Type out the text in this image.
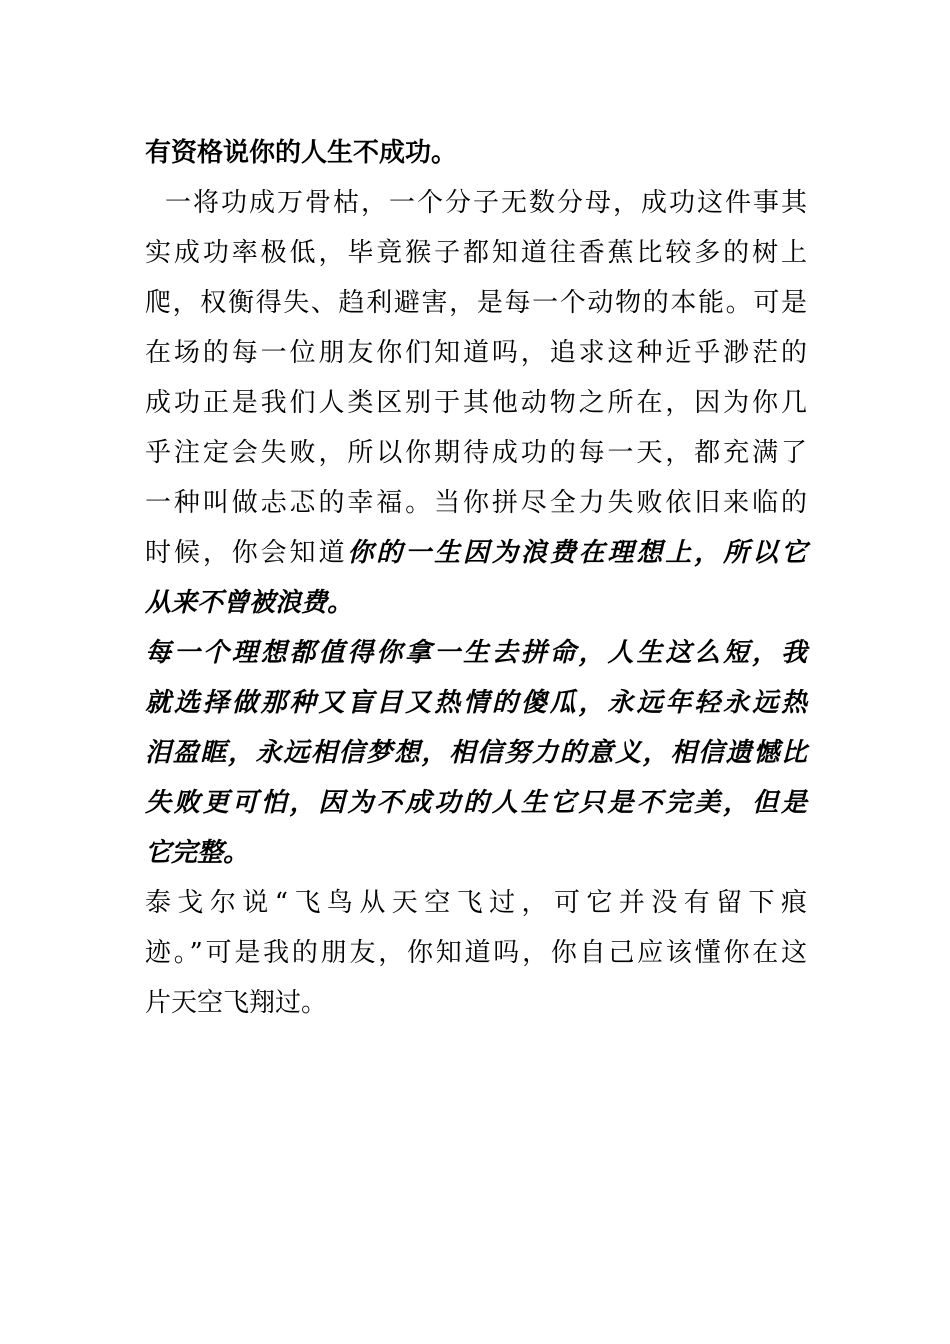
有资格说你的人生不成功。
一将功成万骨枯，一个分子无数分母，成功这件事其
实成功率极低，毕竟猴子都知道往香蕉比较多的树上
爬，权衡得失、趋利避害，是每一个动物的本能。可是
在场的每一位朋友你们知道吗，追求这种近乎渺茫的
成功正是我们人类区别于其他动物之所在，因为你几
乎注定会失败，所以你期待成功的每一天，都充满了
一种叫做忐忑的幸福。当你拼尽全力失败依旧来临的
时候，你会知道你的一生因为浪费在理想上，所以它
从来不曾被浪费。
每一个理想都值得你拿一生去拼命，人生这么短，我
就选择做那种又盲目又热情的傻瓜，永远年轻永远热
泪盈眶，永远相信梦想，相信努力的意义，相信遗憾比
失败更可怕，因为不成功的人生它只是不完美，但是
它完整。
泰戈尔说“飞鸟从天空飞过，可它并没有留下痕
迹。”可是我的朋友，你知道吗，你自己应该懂你在这
片天空飞翔过。
